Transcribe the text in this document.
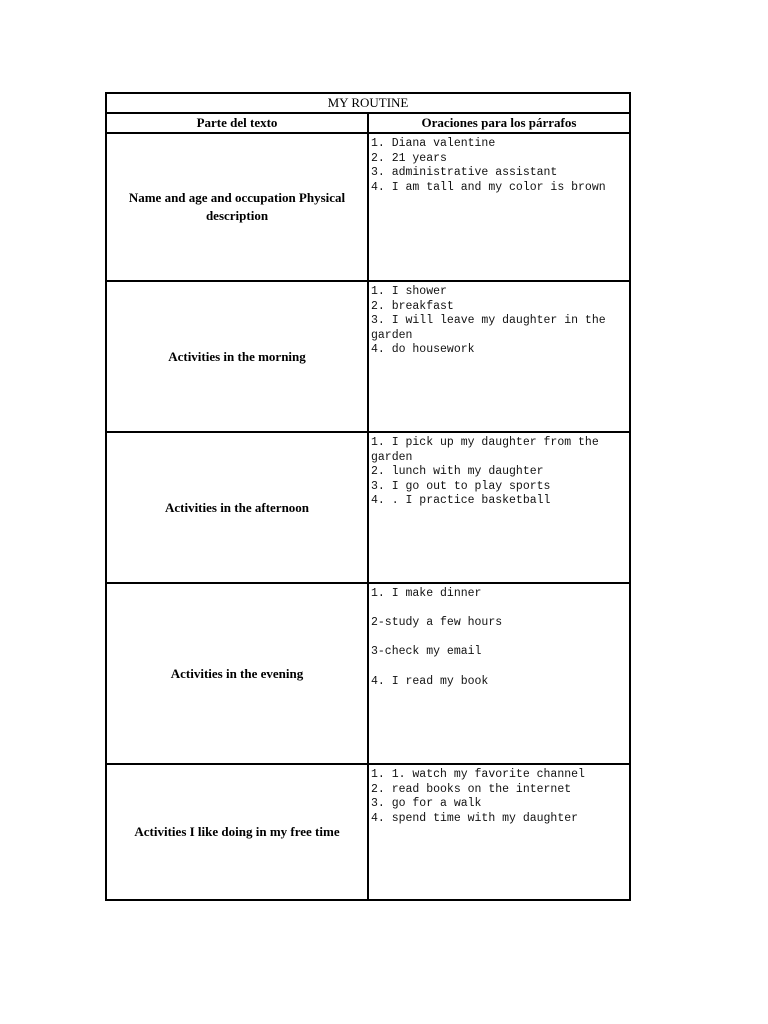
MY ROUTINE	
Parte del texto	Oraciones para los párrafos
Name and age and occupation Physical description	1. Diana valentine
2. 21 years
3. administrative assistant
4. I am tall and my color is brown

Activities in the morning	1. I shower
2. breakfast
3. I will leave my daughter in the garden
4. do housework

Activities in the afternoon	1. I pick up my daughter from the garden
2. lunch with my daughter
3. I go out to play sports
4. . I practice basketball

Activities in the evening	1. I make dinner
2-study a few hours
3-check my email
4. I read my book

Activities I like doing in my free time	1. 1. watch my favorite channel
2. read books on the internet
3. go for a walk
4. spend time with my daughter
